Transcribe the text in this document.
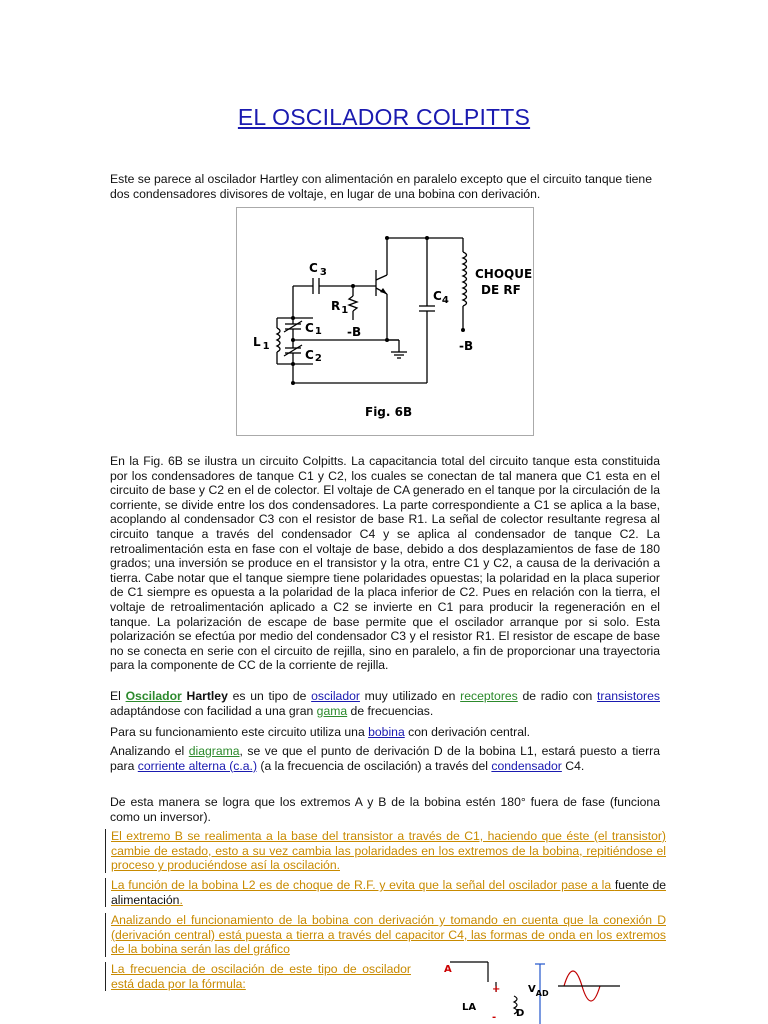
EL OSCILADOR COLPITTS
Este se parece al oscilador Hartley con alimentación en paralelo excepto que el circuito tanque tiene dos condensadores divisores de voltaje, en lugar de una bobina con derivación.
C $_3$
$R_1$
-B
C1
C2
L $_1$
$C_4$
CHOQUE
DE RF
-B
Fig. 6B
En la Fig. 6B se ilustra un circuito Colpitts. La capacitancia total del circuito tanque esta constituida por los condensadores de tanque C1 y C2, los cuales se conectan de tal manera que C1 esta en el circuito de base y C2 en el de colector. El voltaje de CA generado en el tanque por la circulación de la corriente, se divide entre los dos condensadores. La parte correspondiente a C1 se aplica a la base, acoplando al condensador C3 con el resistor de base R1. La señal de colector resultante regresa al circuito tanque a través del condensador C4 y se aplica al condensador de tanque C2. La retroalimentación esta en fase con el voltaje de base, debido a dos desplazamientos de fase de 180 grados; una inversión se produce en el transistor y la otra, entre C1 y C2, a causa de la derivación a tierra. Cabe notar que el tanque siempre tiene polaridades opuestas; la polaridad en la placa superior de C1 siempre es opuesta a la polaridad de la placa inferior de C2. Pues en relación con la tierra, el voltaje de retroalimentación aplicado a C2 se invierte en C1 para producir la regeneración en el tanque. La polarización de escape de base permite que el oscilador arranque por si solo. Esta polarización se efectúa por medio del condensador C3 y el resistor R1. El resistor de escape de base no se conecta en serie con el circuito de rejilla, sino en paralelo, a fin de proporcionar una trayectoria para la componente de CC de la corriente de rejilla.
El Oscilador Hartley es un tipo de oscilador muy utilizado en receptores de radio con transistores adaptándose con facilidad a una gran gama de frecuencias.
Para su funcionamiento este circuito utiliza una bobina con derivación central.
Analizando el diagrama, se ve que el punto de derivación D de la bobina L1, estará puesto a tierra para corriente alterna (c.a.) (a la frecuencia de oscilación) a través del condensador C4.
De esta manera se logra que los extremos A y B de la bobina estén 180° fuera de fase (funciona como un inversor).
El extremo B se realimenta a la base del transistor a través de C1, haciendo que éste (el transistor) cambie de estado, esto a su vez cambia las polaridades en los extremos de la bobina, repitiéndose el proceso y produciéndose así la oscilación.
La función de la bobina L2 es de choque de R.F. y evita que la señal del oscilador pase a la fuente de alimentación.
Analizando el funcionamiento de la bobina con derivación y tomando en cuenta que la conexión D (derivación central) está puesta a tierra a través del capacitor C4, las formas de onda en los extremos de la bobina serán las del gráfico
La frecuencia de oscilación de este tipo de oscilador está dada por la fórmula:
A
+
-
LA
D
$V_{AD}$
